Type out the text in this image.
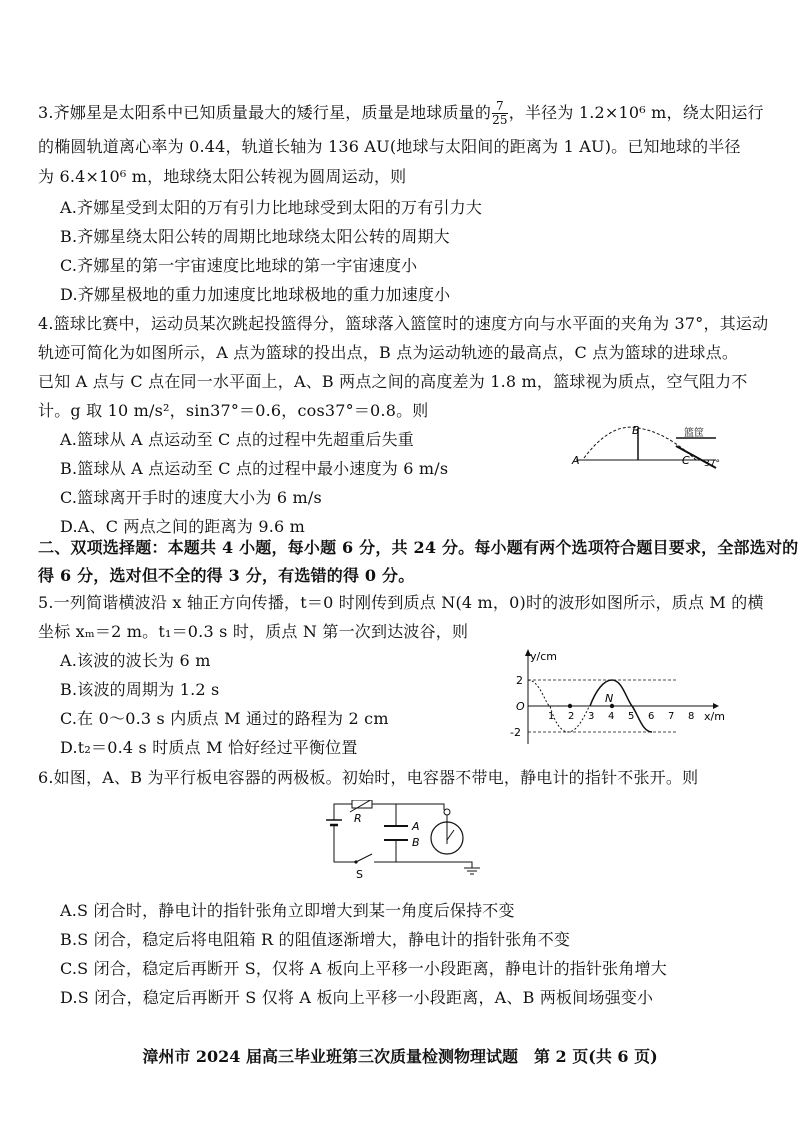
3.齐娜星是太阳系中已知质量最大的矮行星，质量是地球质量的 $\frac{7}{25}$ ，半径为 1.2×10⁶ m，绕太阳运行
的椭圆轨道离心率为 0.44，轨道长轴为 136 AU(地球与太阳间的距离为 1 AU)。已知地球的半径
为 6.4×10⁶ m，地球绕太阳公转视为圆周运动，则
A.齐娜星受到太阳的万有引力比地球受到太阳的万有引力大
B.齐娜星绕太阳公转的周期比地球绕太阳公转的周期大
C.齐娜星的第一宇宙速度比地球的第一宇宙速度小
D.齐娜星极地的重力加速度比地球极地的重力加速度小
4.篮球比赛中，运动员某次跳起投篮得分，篮球落入篮筐时的速度方向与水平面的夹角为 37°，其运动
轨迹可简化为如图所示，A 点为篮球的投出点，B 点为运动轨迹的最高点，C 点为篮球的进球点。
已知 A 点与 C 点在同一水平面上，A、B 两点之间的高度差为 1.8 m，篮球视为质点，空气阻力不
计。g 取 10 m/s²，sin37°＝0.6，cos37°＝0.8。则
A.篮球从 A 点运动至 C 点的过程中先超重后失重
B.篮球从 A 点运动至 C 点的过程中最小速度为 6 m/s
C.篮球离开手时的速度大小为 6 m/s
D.A、C 两点之间的距离为 9.6 m
A
B
C
篮筐
37°
二、双项选择题：本题共 4 小题，每小题 6 分，共 24 分。每小题有两个选项符合题目要求，全部选对的
得 6 分，选对但不全的得 3 分，有选错的得 0 分。
5.一列简谐横波沿 x 轴正方向传播，t＝0 时刚传到质点 N(4 m，0)时的波形如图所示，质点 M 的横
坐标 xₘ＝2 m。t₁＝0.3 s 时，质点 N 第一次到达波谷，则
A.该波的波长为 6 m
B.该波的周期为 1.2 s
C.在 0～0.3 s 内质点 M 通过的路程为 2 cm
D.t₂＝0.4 s 时质点 M 恰好经过平衡位置
y/cm
x/m
O
2
-2
1 2 3 4 5 6 7 8
N
6.如图，A、B 为平行板电容器的两极板。初始时，电容器不带电，静电计的指针不张开。则
R
A
B
S
A.S 闭合时，静电计的指针张角立即增大到某一角度后保持不变
B.S 闭合，稳定后将电阻箱 R 的阻值逐渐增大，静电计的指针张角不变
C.S 闭合，稳定后再断开 S，仅将 A 板向上平移一小段距离，静电计的指针张角增大
D.S 闭合，稳定后再断开 S 仅将 A 板向上平移一小段距离，A、B 两板间场强变小
漳州市 2024 届高三毕业班第三次质量检测物理试题　第 2 页(共 6 页)
